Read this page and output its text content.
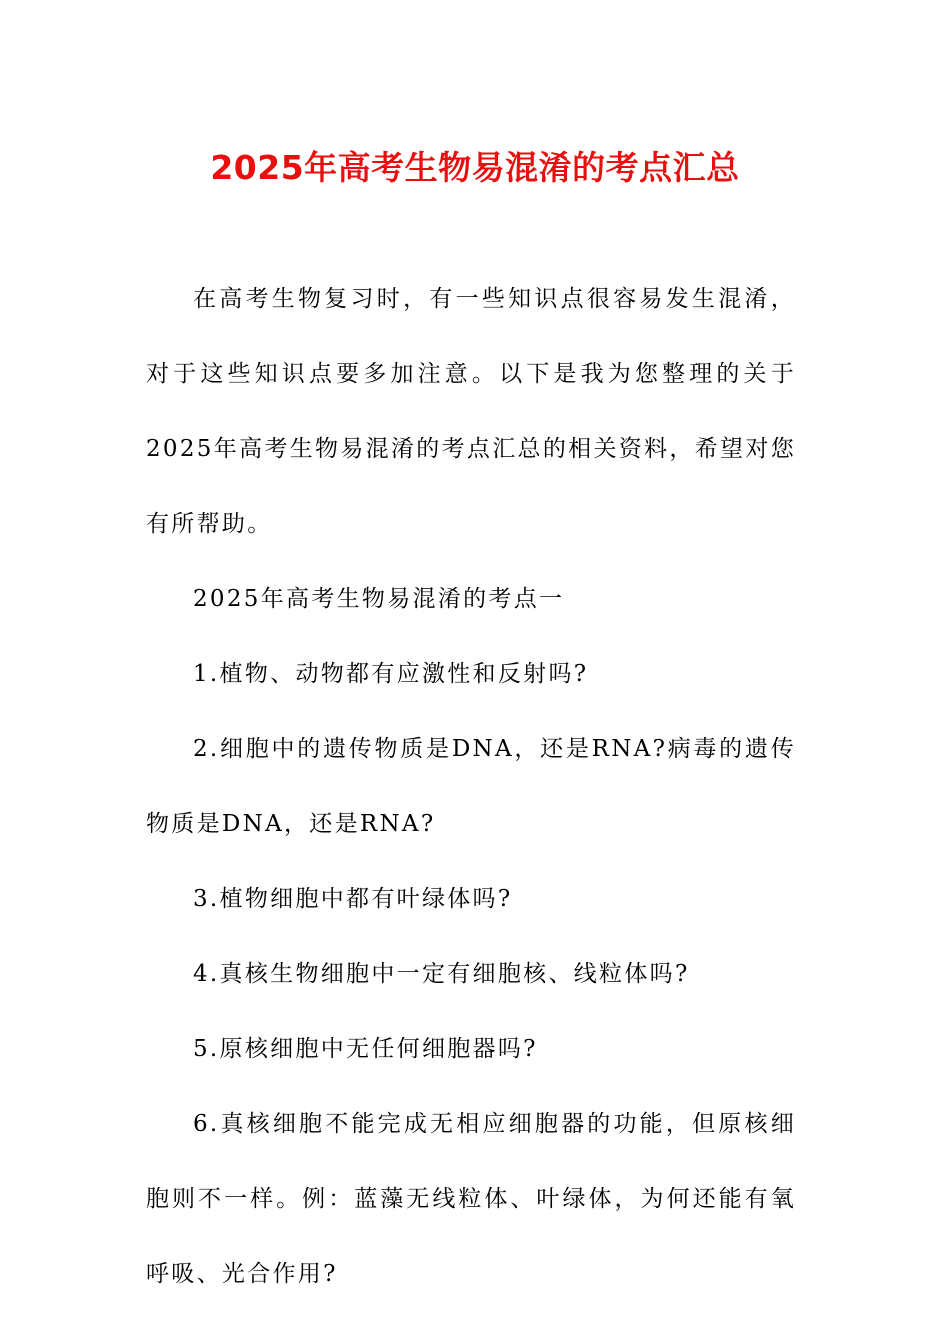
2025年高考生物易混淆的考点汇总

在高考生物复习时，有一些知识点很容易发生混淆，对于这些知识点要多加注意。以下是我为您整理的关于2025年高考生物易混淆的考点汇总的相关资料，希望对您有所帮助。

2025年高考生物易混淆的考点一

1.植物、动物都有应激性和反射吗?

2.细胞中的遗传物质是DNA，还是RNA?病毒的遗传物质是DNA，还是RNA?

3.植物细胞中都有叶绿体吗?

4.真核生物细胞中一定有细胞核、线粒体吗?

5.原核细胞中无任何细胞器吗?

6.真核细胞不能完成无相应细胞器的功能，但原核细胞则不一样。例：蓝藻无线粒体、叶绿体，为何还能有氧呼吸、光合作用?
